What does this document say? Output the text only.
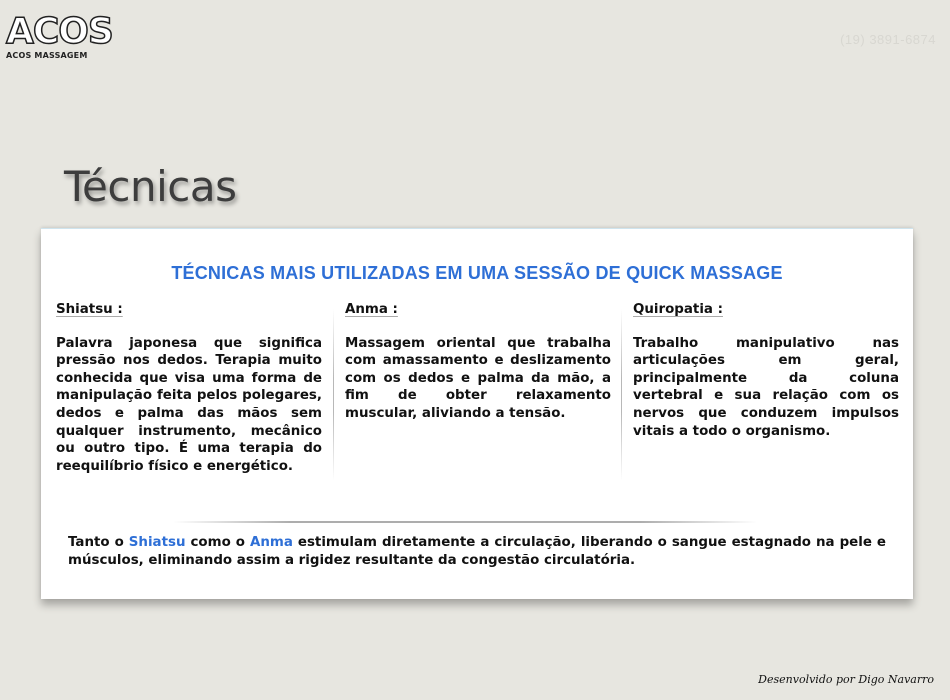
ACOS
ACOS MASSAGEM
(19) 3891-6874
Técnicas
TÉCNICAS MAIS UTILIZADAS EM UMA SESSÃO DE QUICK MASSAGE
Shiatsu :

Palavra japonesa que significa pressão nos dedos. Terapia muito conhecida que visa uma forma de manipulação feita pelos polegares, dedos e palma das mãos sem qualquer instrumento, mecânico ou outro tipo. É uma terapia do reequilíbrio físico e energético.

Anma :

Massagem oriental que trabalha com amassamento e deslizamento com os dedos e palma da mão, a fim de obter relaxamento muscular, aliviando a tensão.

Quiropatia :

Trabalho manipulativo nas articulações em geral, principalmente da coluna vertebral e sua relação com os nervos que conduzem impulsos vitais a todo o organismo.

Tanto o Shiatsu como o Anma estimulam diretamente a circulação, liberando o sangue estagnado na pele e músculos, eliminando assim a rigidez resultante da congestão circulatória.
Desenvolvido por Digo Navarro
